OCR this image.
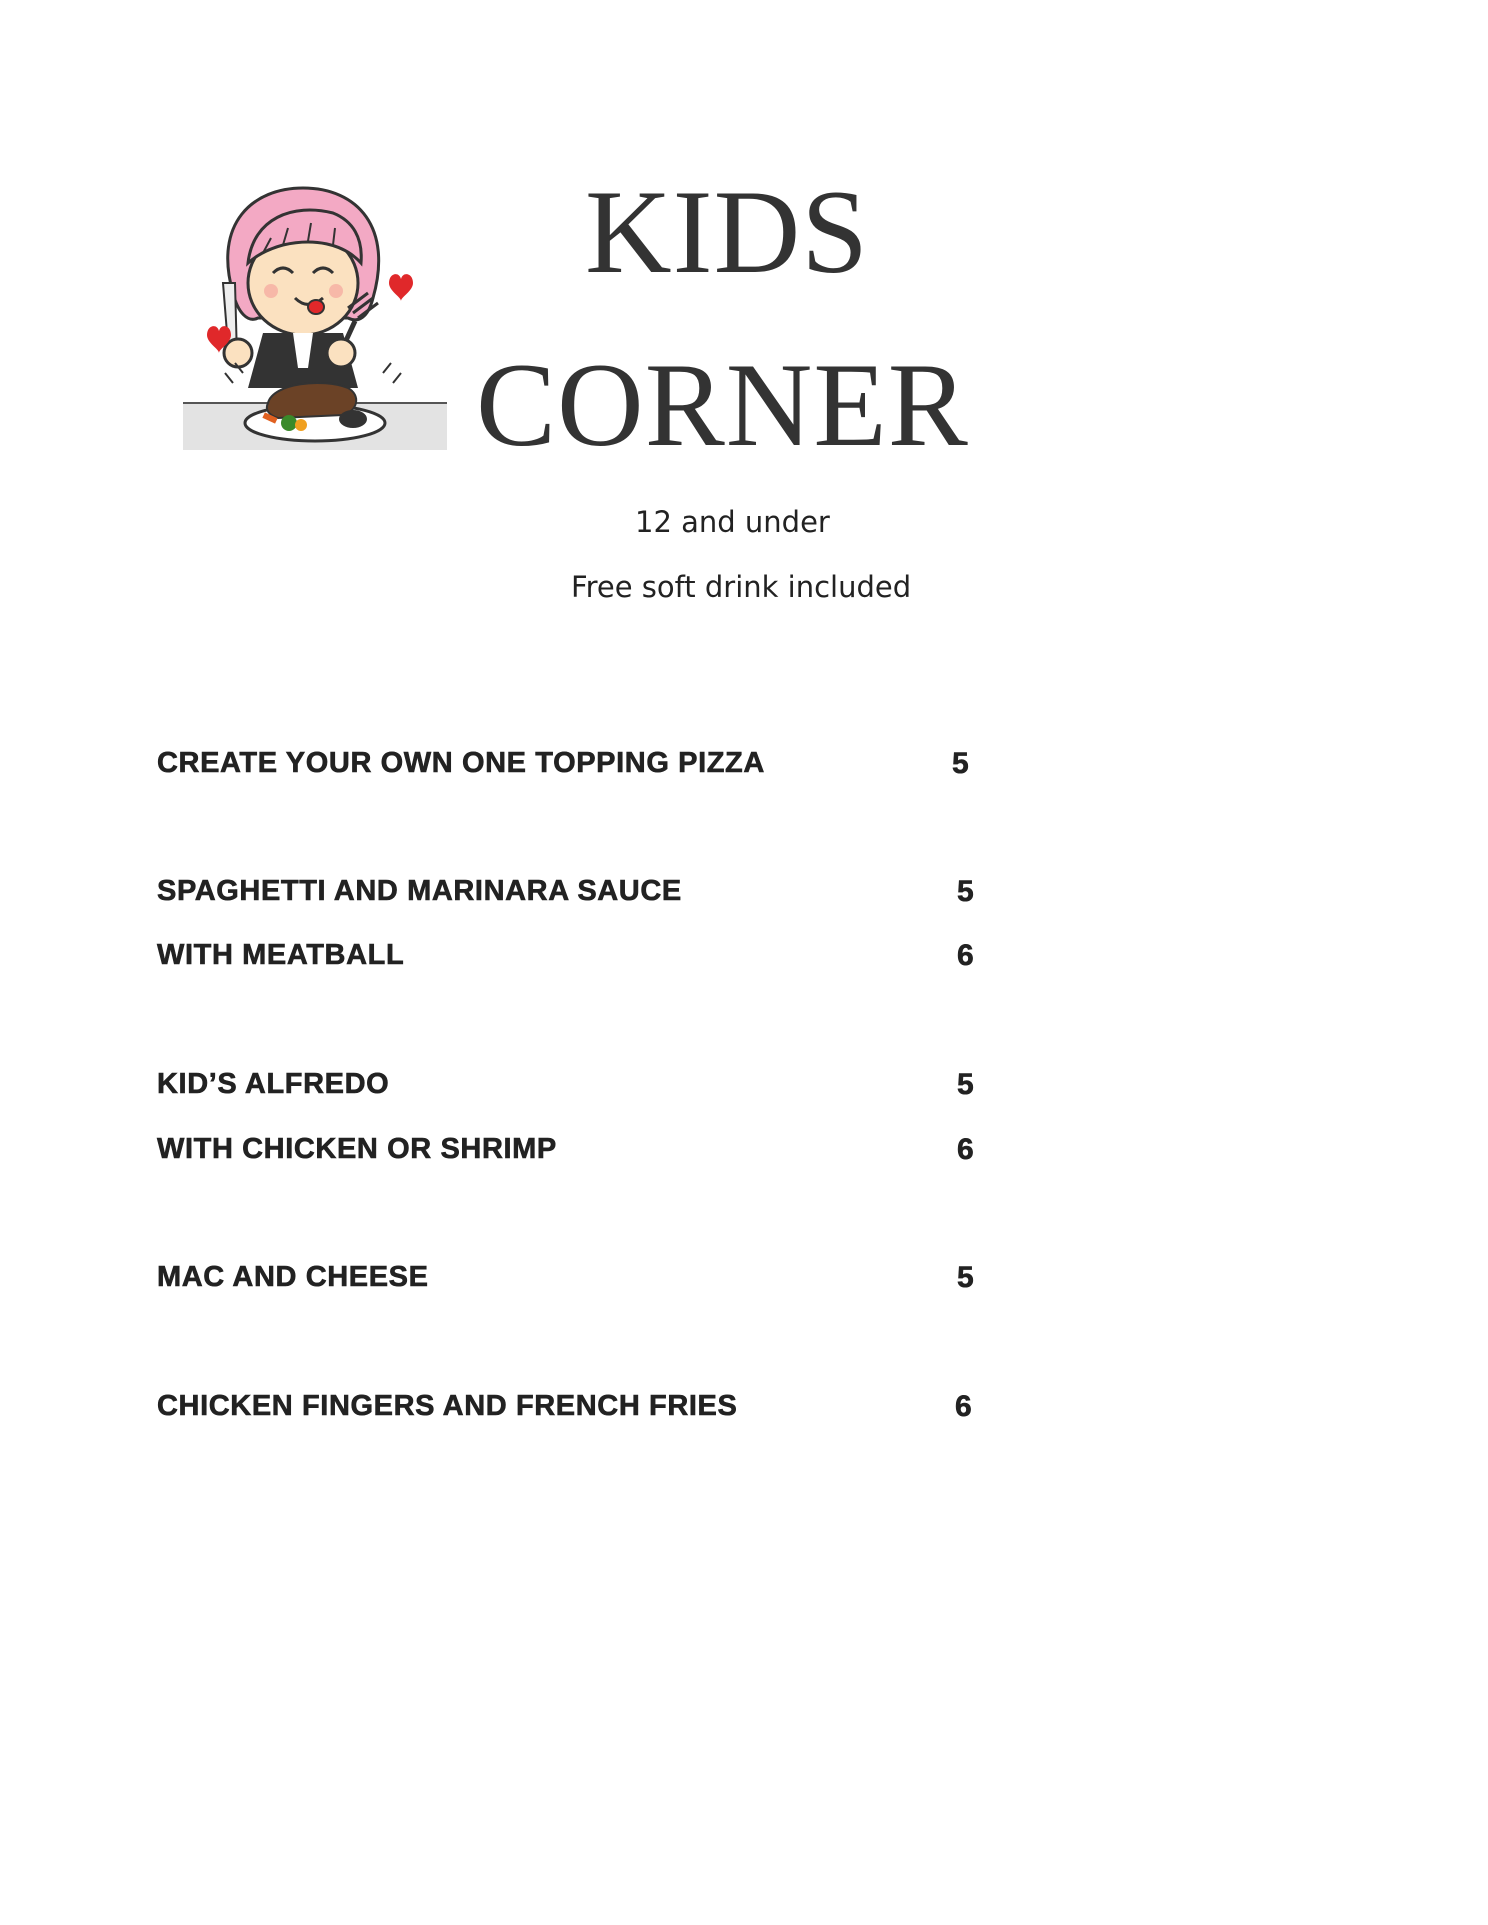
KIDS
CORNER
12 and under
Free soft drink included
CREATE YOUR OWN ONE TOPPING PIZZA	5
SPAGHETTI AND MARINARA SAUCE	5
WITH MEATBALL	6
KID’S ALFREDO	5
WITH CHICKEN OR SHRIMP	6
MAC AND CHEESE	5
CHICKEN FINGERS AND FRENCH FRIES	6
